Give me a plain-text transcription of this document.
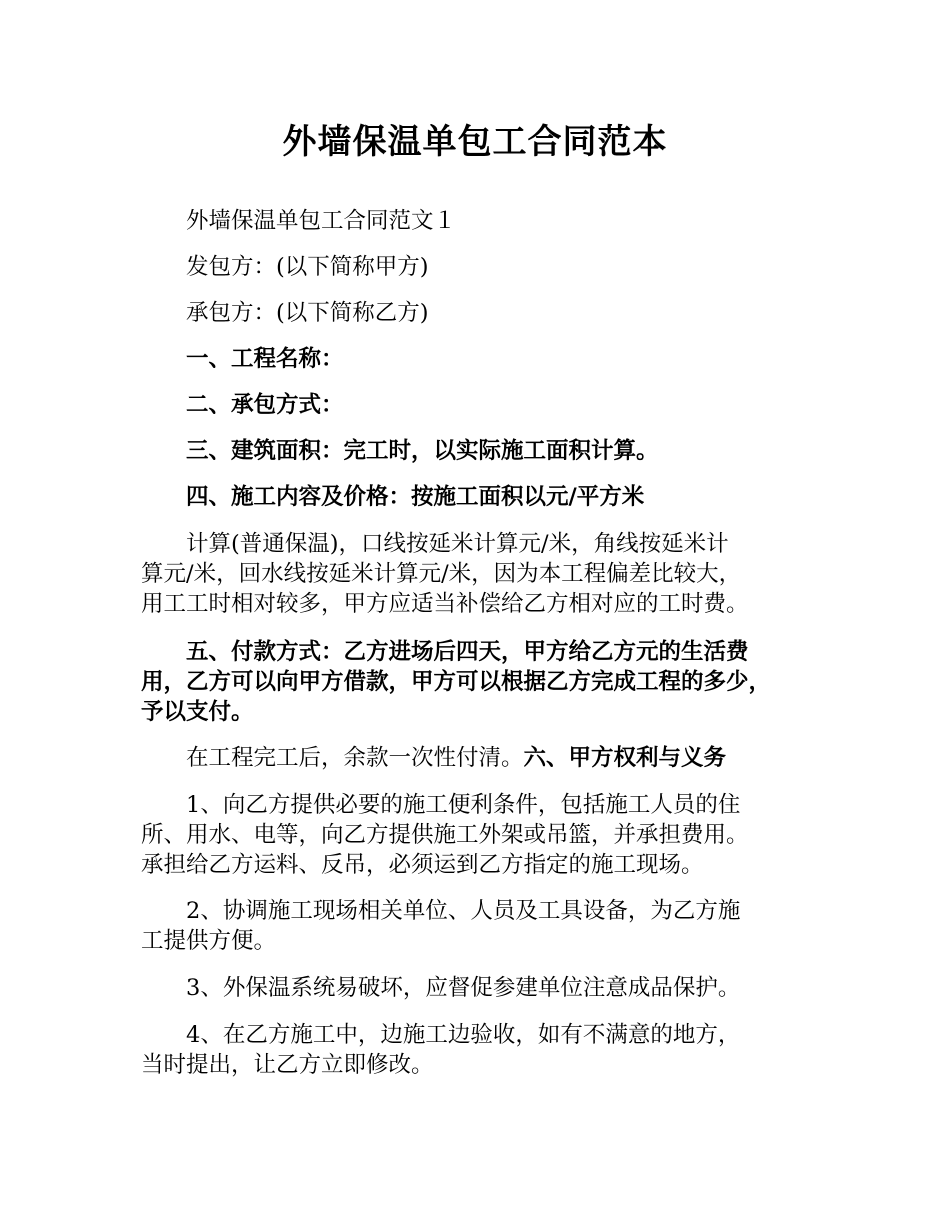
外墙保温单包工合同范本
外墙保温单包工合同范文１
发包方：(以下简称甲方)
承包方：(以下简称乙方)
一、工程名称：
二、承包方式：
三、建筑面积：完工时，以实际施工面积计算。
四、施工内容及价格：按施工面积以元/平方米
计算(普通保温)，口线按延米计算元/米，角线按延米计
算元/米，回水线按延米计算元/米，因为本工程偏差比较大，
用工工时相对较多，甲方应适当补偿给乙方相对应的工时费。
五、付款方式：乙方进场后四天，甲方给乙方元的生活费
用，乙方可以向甲方借款，甲方可以根据乙方完成工程的多少，
予以支付。
在工程完工后，余款一次性付清。六、甲方权利与义务
1、向乙方提供必要的施工便利条件，包括施工人员的住
所、用水、电等，向乙方提供施工外架或吊篮，并承担费用。
承担给乙方运料、反吊，必须运到乙方指定的施工现场。
2、协调施工现场相关单位、人员及工具设备，为乙方施
工提供方便。
3、外保温系统易破坏，应督促参建单位注意成品保护。
4、在乙方施工中，边施工边验收，如有不满意的地方，
当时提出，让乙方立即修改。
